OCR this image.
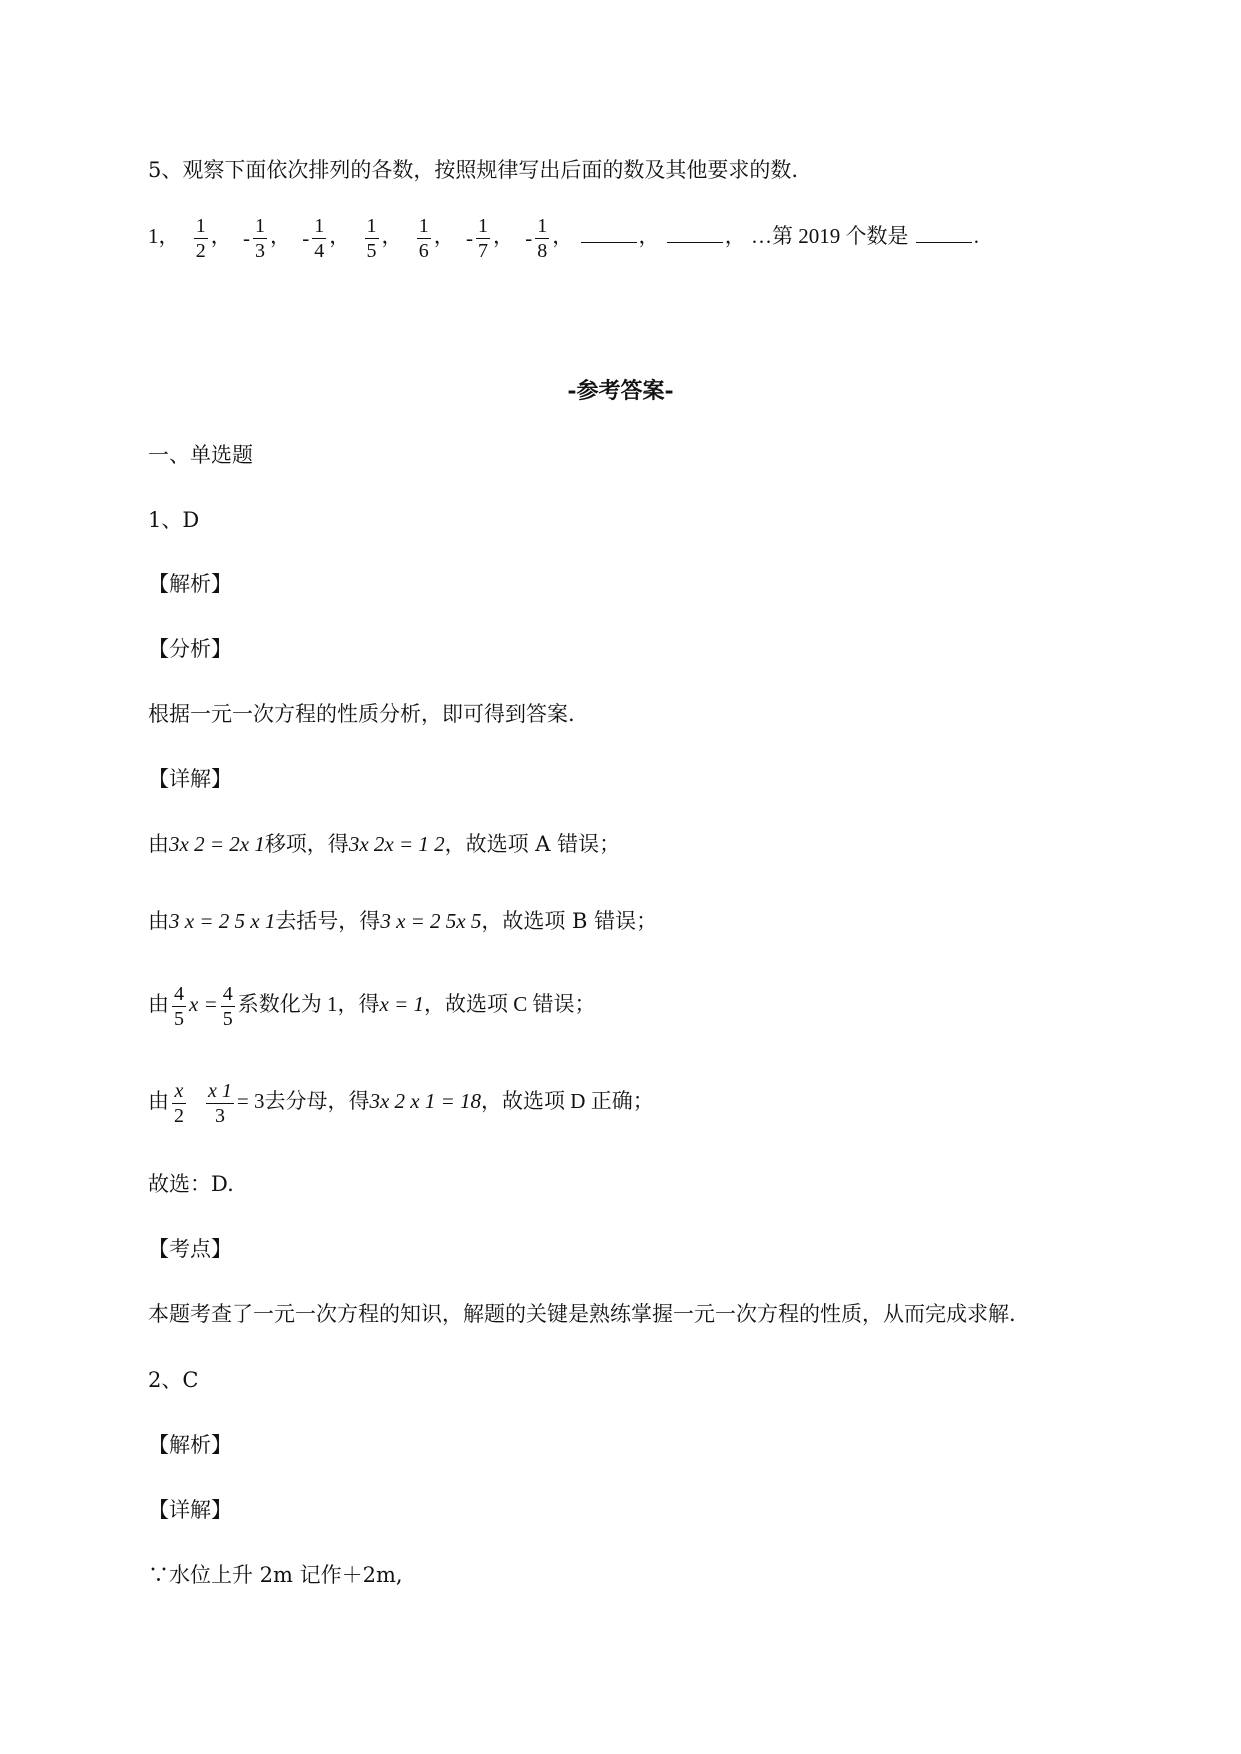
5、观察下面依次排列的各数，按照规律写出后面的数及其他要求的数.
1， $\frac{1}{2}$ ， - $\frac{1}{3}$ ， - $\frac{1}{4}$ ， $\frac{1}{5}$ ， $\frac{1}{6}$ ， - $\frac{1}{7}$ ， - $\frac{1}{8}$ ，	，	， …第 2019 个数是	.
-参考答案-
一、单选题
1、D
【解析】
【分析】
根据一元一次方程的性质分析，即可得到答案.
【详解】
由3x 2 = 2x 1移项，得3x 2x = 1 2，故选项 A 错误；
由3 x = 2 5 x 1去括号，得3 x = 2 5x 5，故选项 B 错误；
由 $\frac{4}{5}$ $x = \frac{4}{5}$ 系数化为 1，得x = 1，故选项 C 错误；
由 $\frac{x}{2} \frac{x 1}{3} = 3$去分母，得3x 2 x 1 = 18，故选项 D 正确；
故选：D.
【考点】
本题考查了一元一次方程的知识，解题的关键是熟练掌握一元一次方程的性质，从而完成求解.
2、C
【解析】
【详解】
∵水位上升 2m 记作＋2m,
